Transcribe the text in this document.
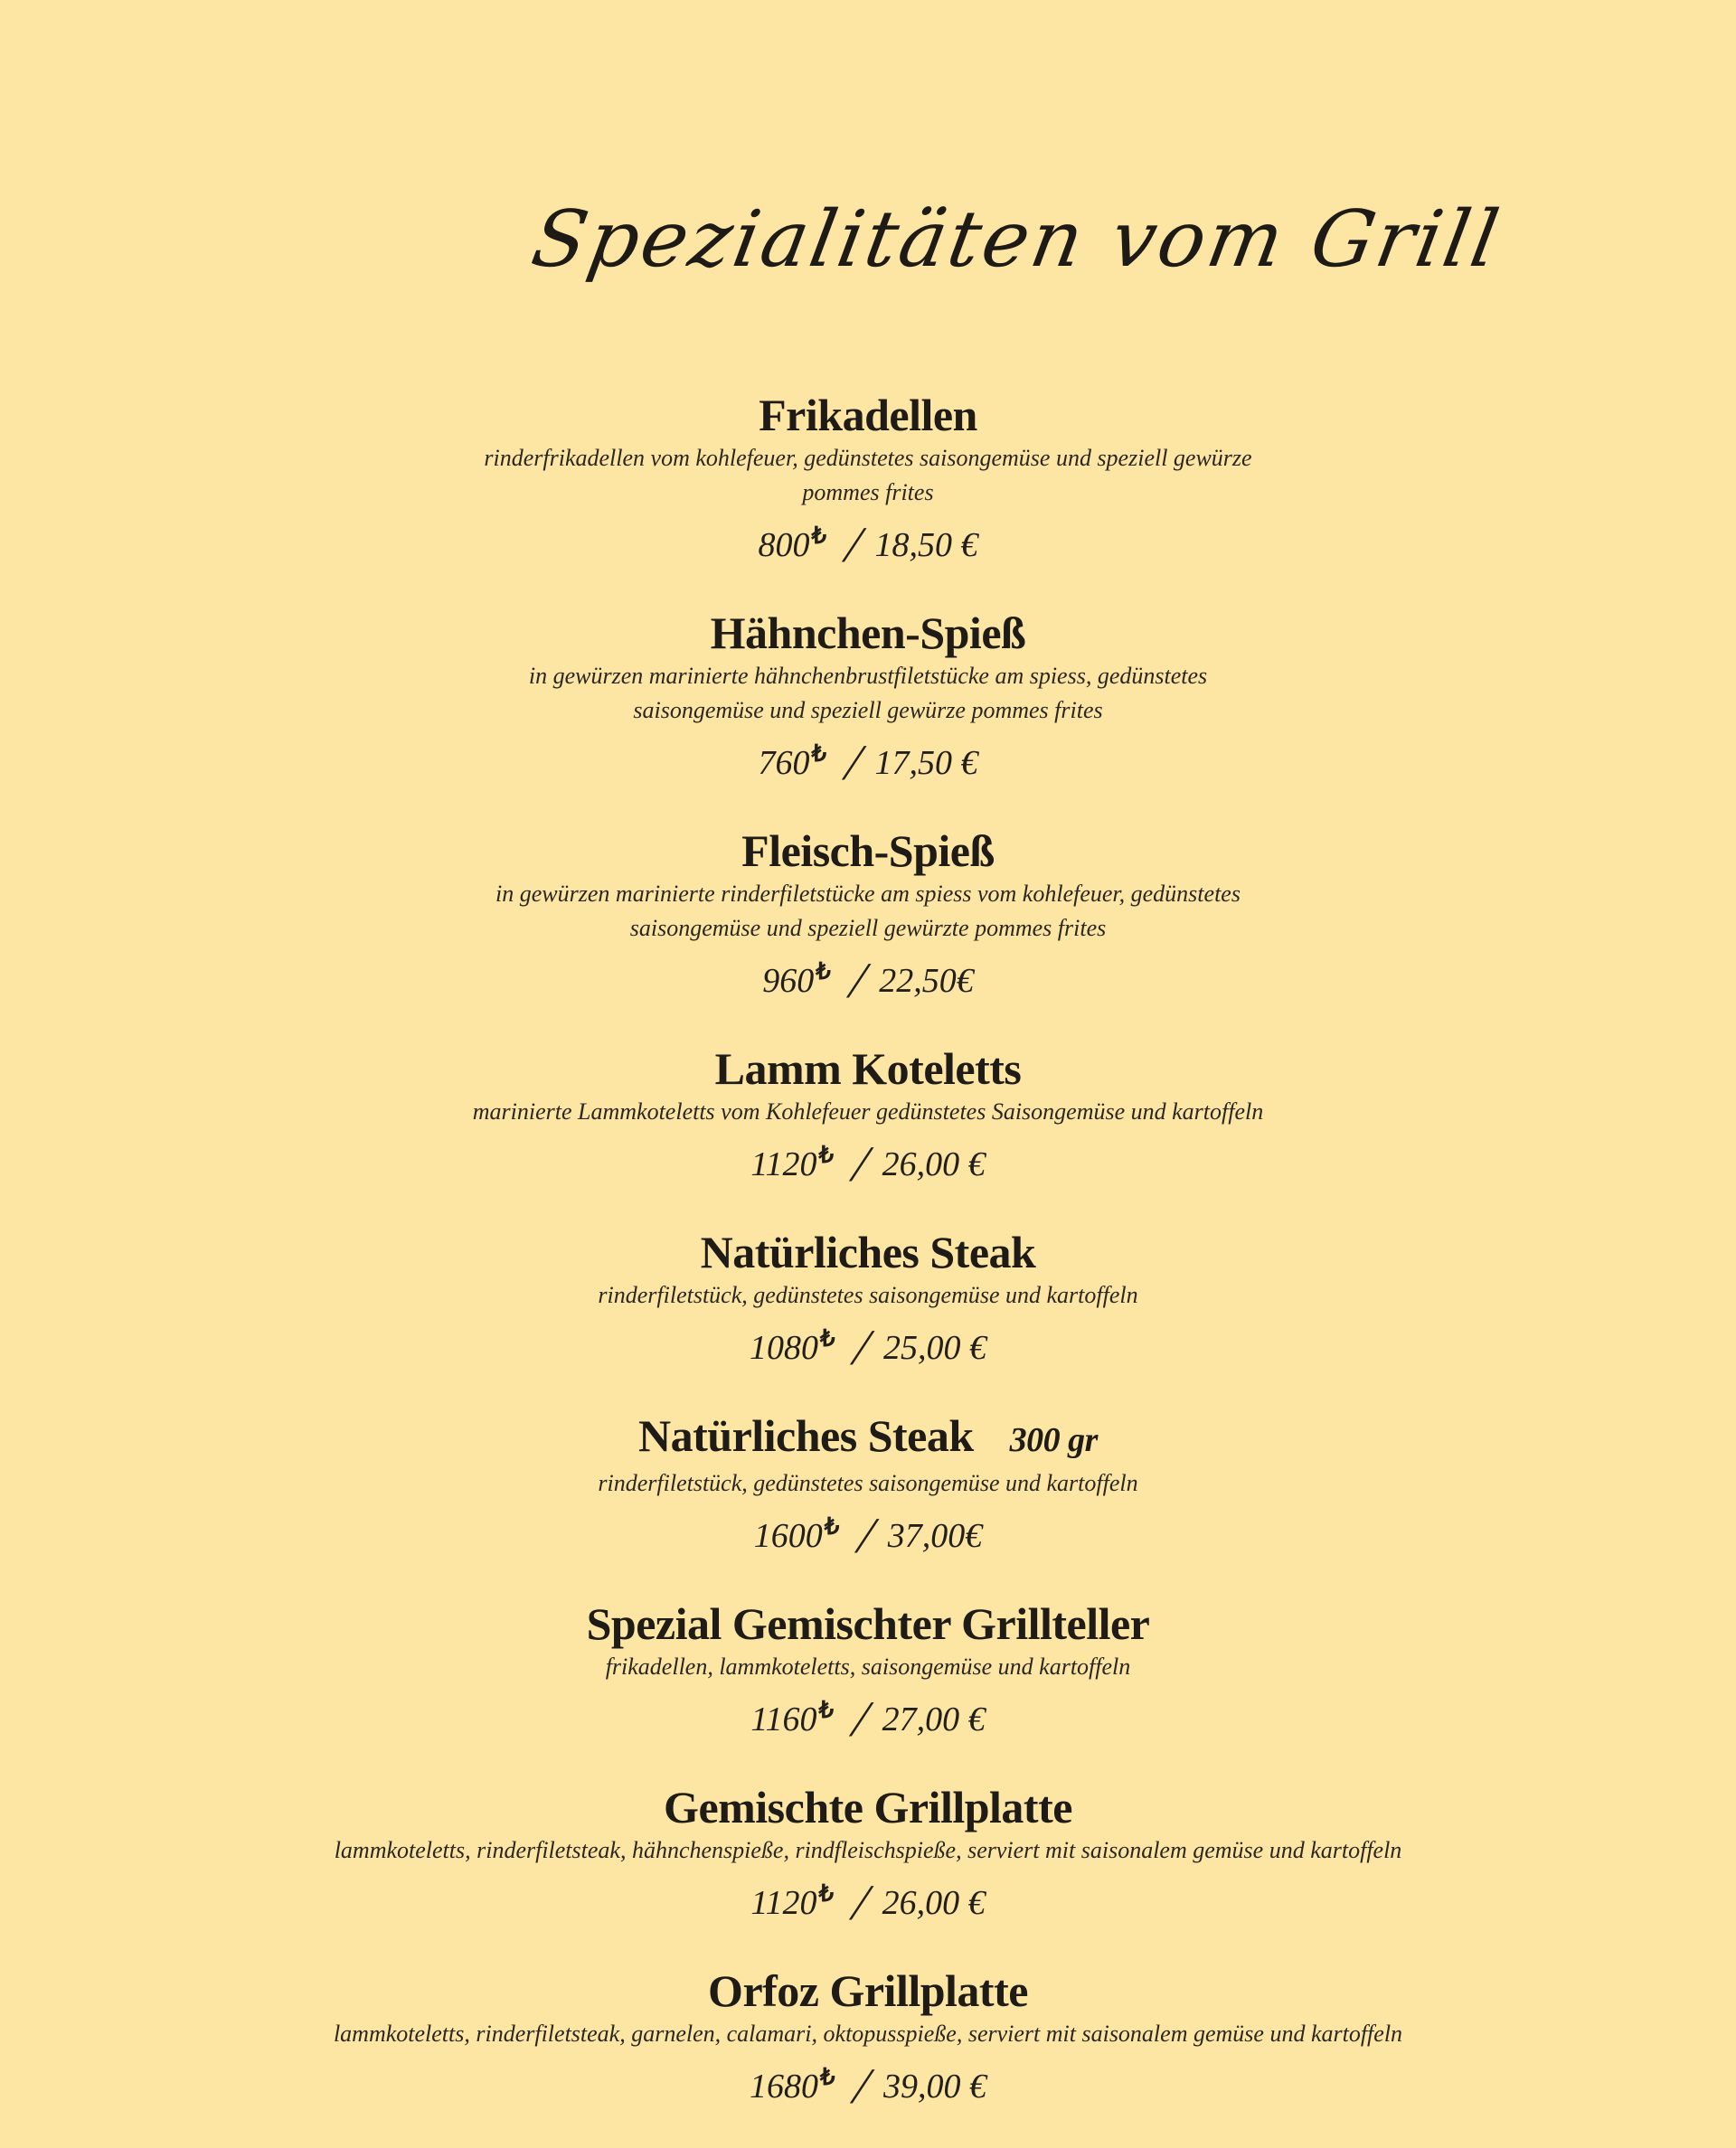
Spezialitäten vom Grill
Frikadellen
rinderfrikadellen vom kohlefeuer, gedünstetes saisongemüse und speziell gewürze pommes frites
800₺ / 18,50 €
Hähnchen-Spieß
in gewürzen marinierte hähnchenbrustfiletstücke am spiess, gedünstetes saisongemüse und speziell gewürze pommes frites
760₺ / 17,50 €
Fleisch-Spieß
in gewürzen marinierte rinderfiletstücke am spiess vom kohlefeuer, gedünstetes saisongemüse und speziell gewürzte pommes frites
960₺ / 22,50€
Lamm Koteletts
marinierte Lammkoteletts vom Kohlefeuer gedünstetes Saisongemüse und kartoffeln
1120₺ / 26,00 €
Natürliches Steak
rinderfiletstück, gedünstetes saisongemüse und kartoffeln
1080₺ / 25,00 €
Natürliches Steak 300 gr
rinderfiletstück, gedünstetes saisongemüse und kartoffeln
1600₺ / 37,00€
Spezial Gemischter Grillteller
frikadellen, lammkoteletts, saisongemüse und kartoffeln
1160₺ / 27,00 €
Gemischte Grillplatte
lammkoteletts, rinderfiletsteak, hähnchenspieße, rindfleischspieße, serviert mit saisonalem gemüse und kartoffeln
1120₺ / 26,00 €
Orfoz Grillplatte
lammkoteletts, rinderfiletsteak, garnelen, calamari, oktopusspieße, serviert mit saisonalem gemüse und kartoffeln
1680₺ / 39,00 €
